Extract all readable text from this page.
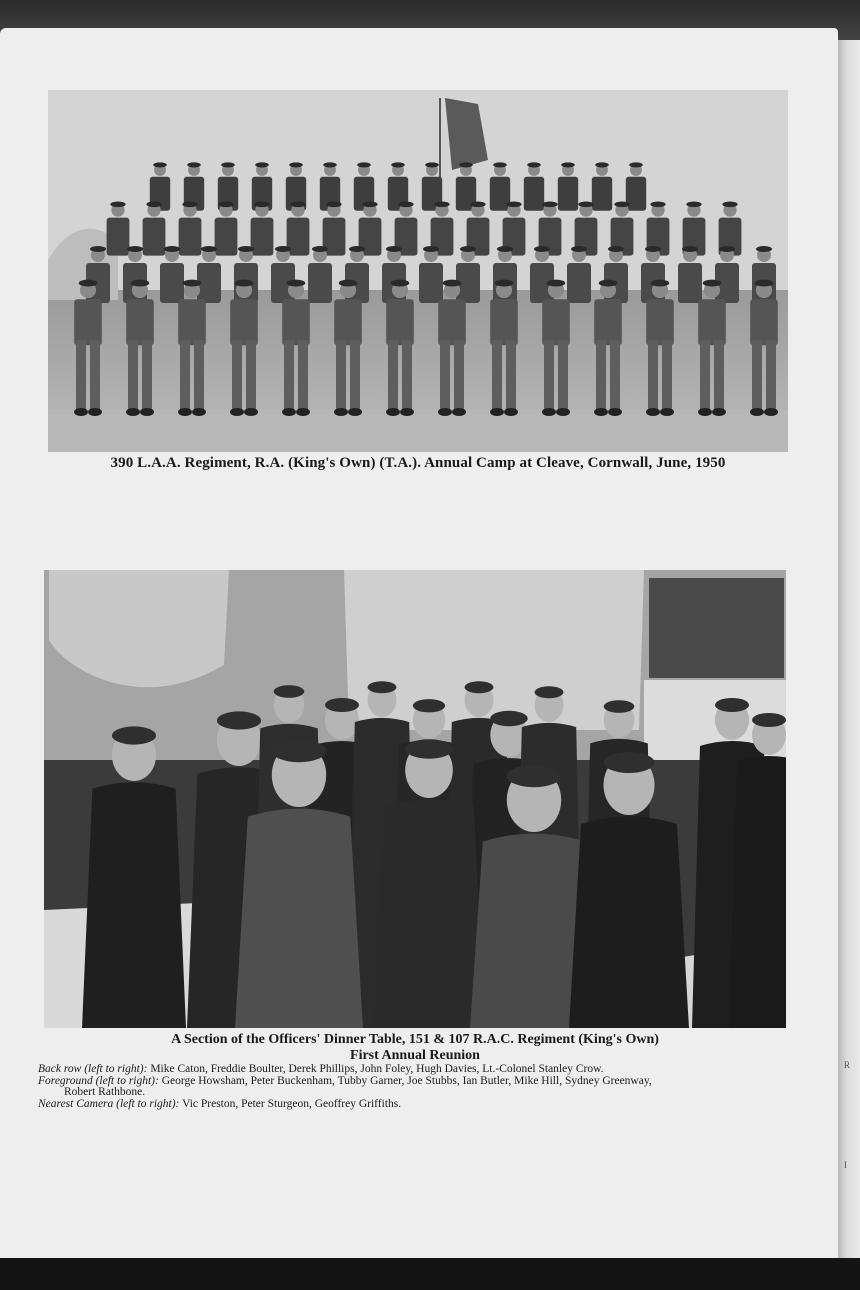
R
I
390 L.A.A. Regiment, R.A. (King's Own) (T.A.). Annual Camp at Cleave, Cornwall, June, 1950
A Section of the Officers' Dinner Table, 151 & 107 R.A.C. Regiment (King's Own)
First Annual Reunion
Back row (left to right): Mike Caton, Freddie Boulter, Derek Phillips, John Foley, Hugh Davies, Lt.-Colonel Stanley Crow.
Foreground (left to right): George Howsham, Peter Buckenham, Tubby Garner, Joe Stubbs, Ian Butler, Mike Hill, Sydney Greenway,
Robert Rathbone.
Nearest Camera (left to right): Vic Preston, Peter Sturgeon, Geoffrey Griffiths.
